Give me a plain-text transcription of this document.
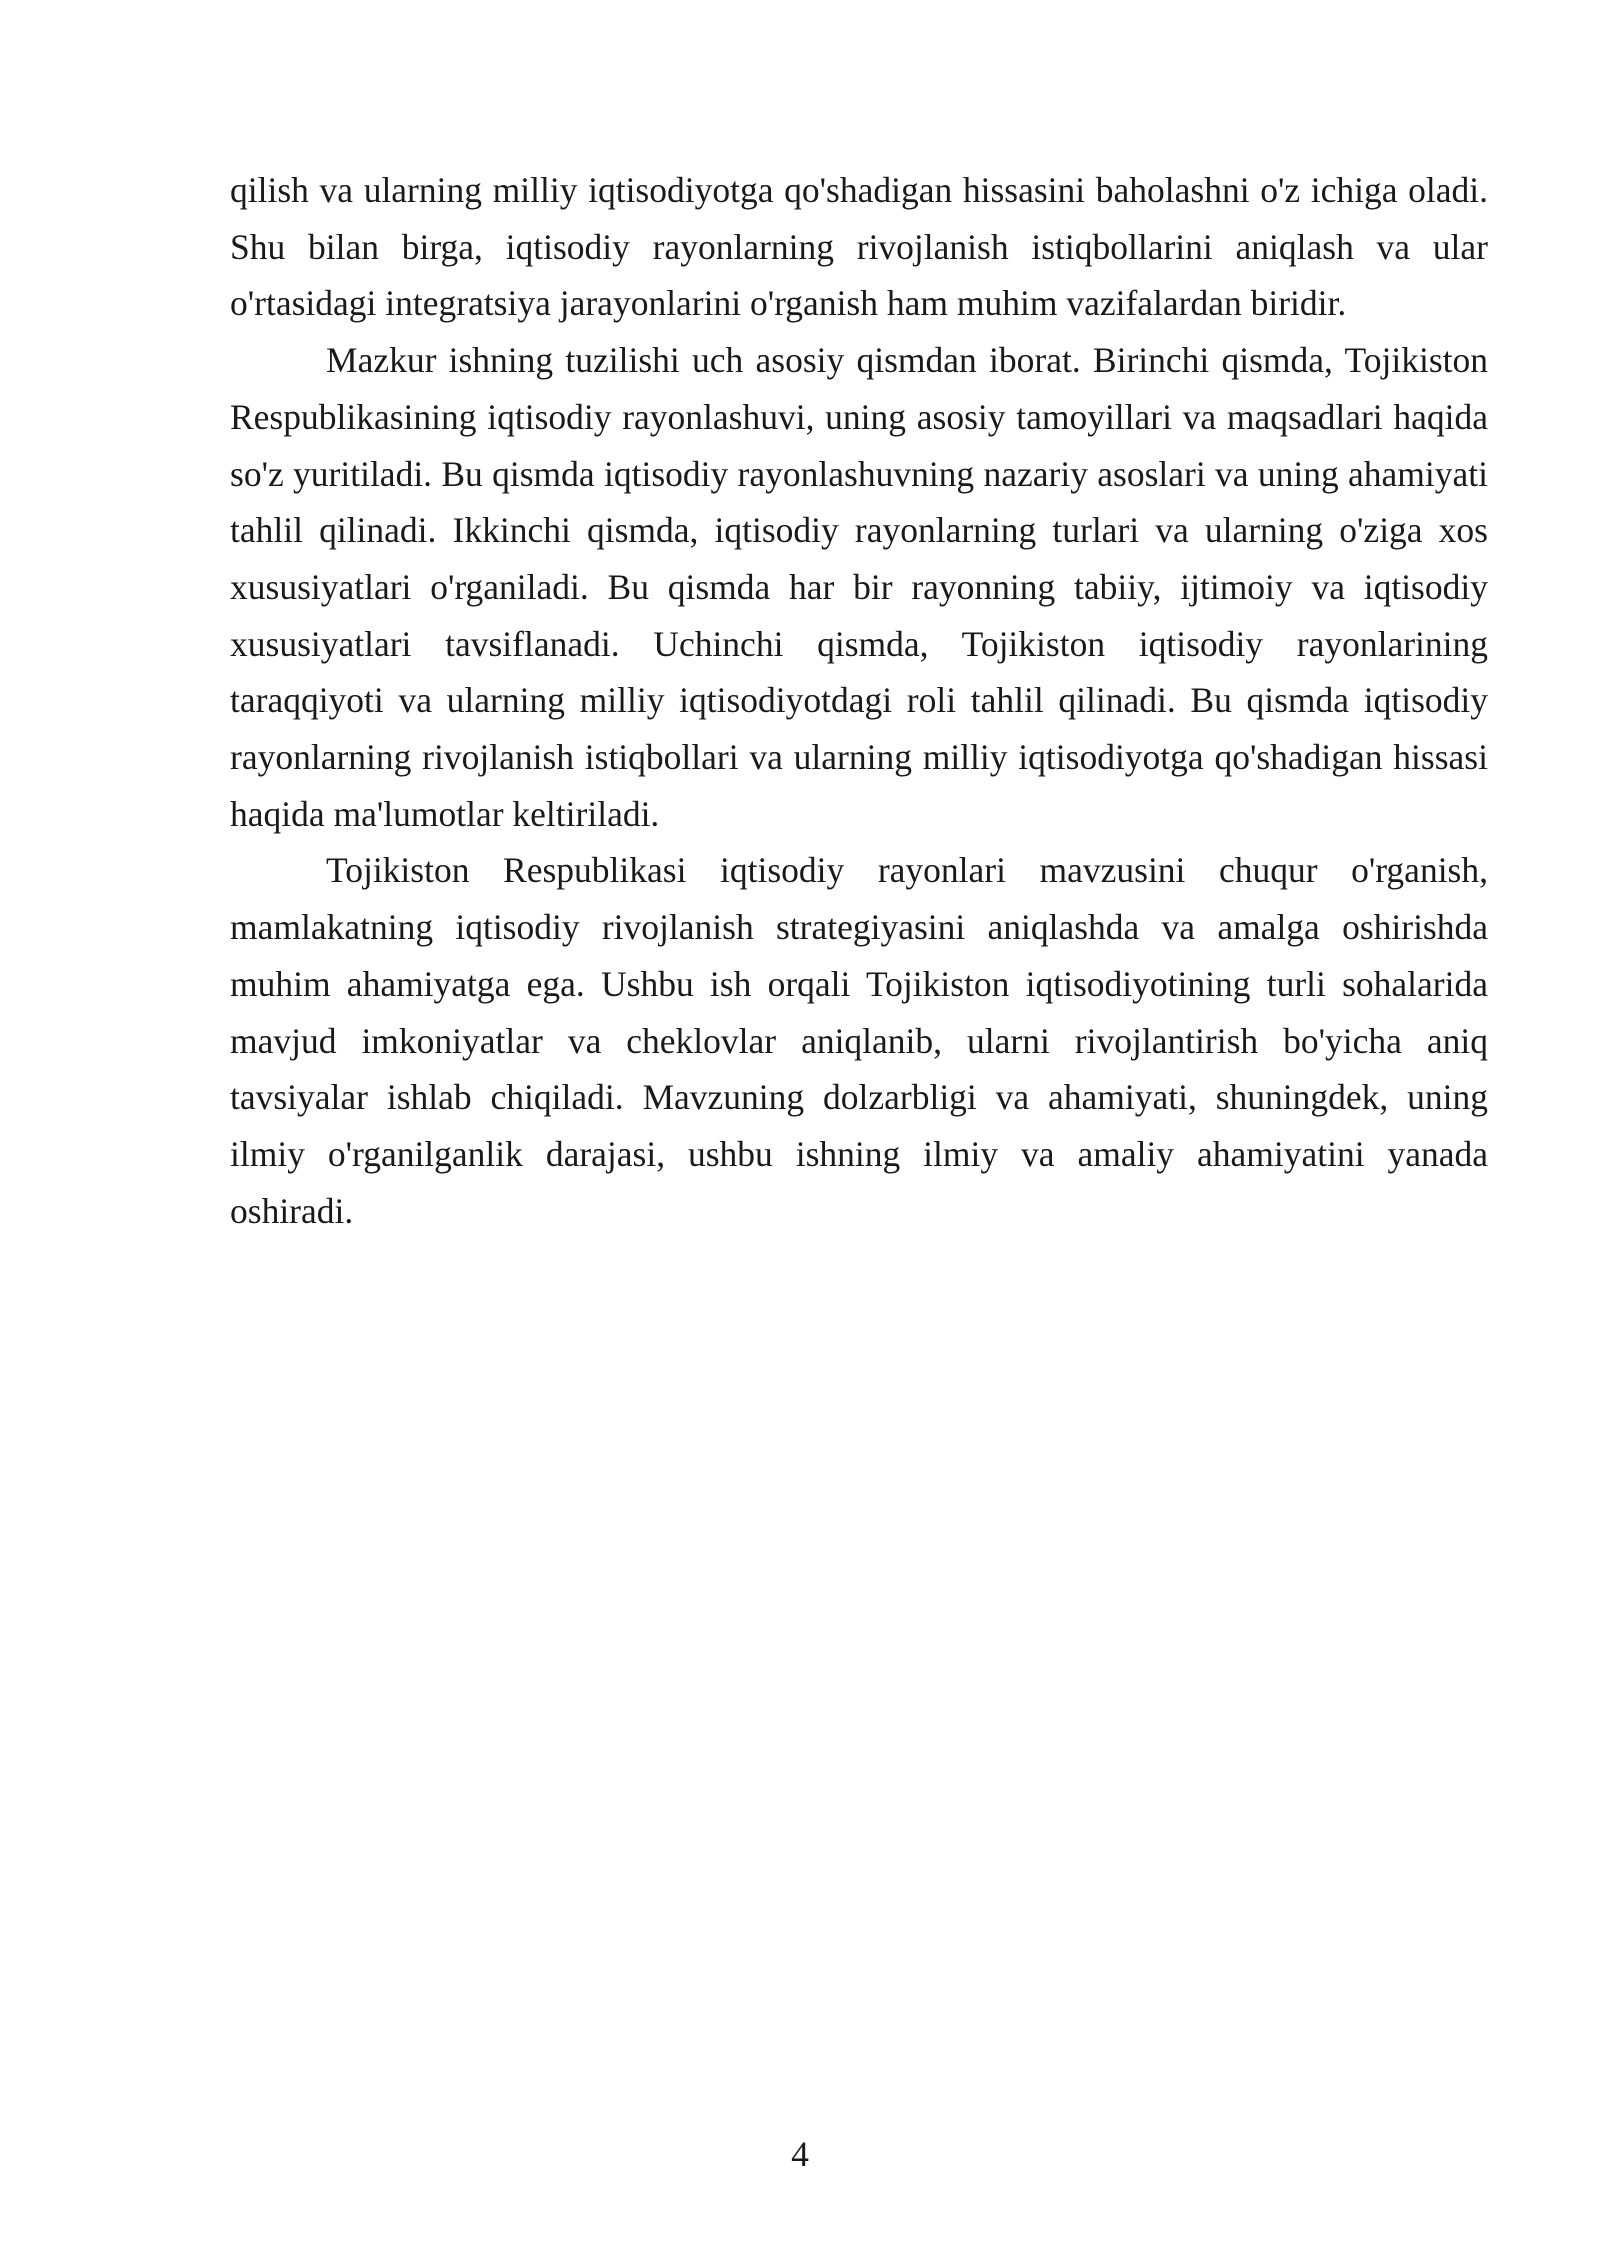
qilish va ularning milliy iqtisodiyotga qo'shadigan hissasini baholashni o'z ichiga oladi. Shu bilan birga, iqtisodiy rayonlarning rivojlanish istiqbollarini aniqlash va ular o'rtasidagi integratsiya jarayonlarini o'rganish ham muhim vazifalardan biridir.

Mazkur ishning tuzilishi uch asosiy qismdan iborat. Birinchi qismda, Tojikiston Respublikasining iqtisodiy rayonlashuvi, uning asosiy tamoyillari va maqsadlari haqida so'z yuritiladi. Bu qismda iqtisodiy rayonlashuvning nazariy asoslari va uning ahamiyati tahlil qilinadi. Ikkinchi qismda, iqtisodiy rayonlarning turlari va ularning o'ziga xos xususiyatlari o'rganiladi. Bu qismda har bir rayonning tabiiy, ijtimoiy va iqtisodiy xususiyatlari tavsiflanadi. Uchinchi qismda, Tojikiston iqtisodiy rayonlarining taraqqiyoti va ularning milliy iqtisodiyotdagi roli tahlil qilinadi. Bu qismda iqtisodiy rayonlarning rivojlanish istiqbollari va ularning milliy iqtisodiyotga qo'shadigan hissasi haqida ma'lumotlar keltiriladi.

Tojikiston Respublikasi iqtisodiy rayonlari mavzusini chuqur o'rganish, mamlakatning iqtisodiy rivojlanish strategiyasini aniqlashda va amalga oshirishda muhim ahamiyatga ega. Ushbu ish orqali Tojikiston iqtisodiyotining turli sohalarida mavjud imkoniyatlar va cheklovlar aniqlanib, ularni rivojlantirish bo'yicha aniq tavsiyalar ishlab chiqiladi. Mavzuning dolzarbligi va ahamiyati, shuningdek, uning ilmiy o'rganilganlik darajasi, ushbu ishning ilmiy va amaliy ahamiyatini yanada oshiradi.

4
